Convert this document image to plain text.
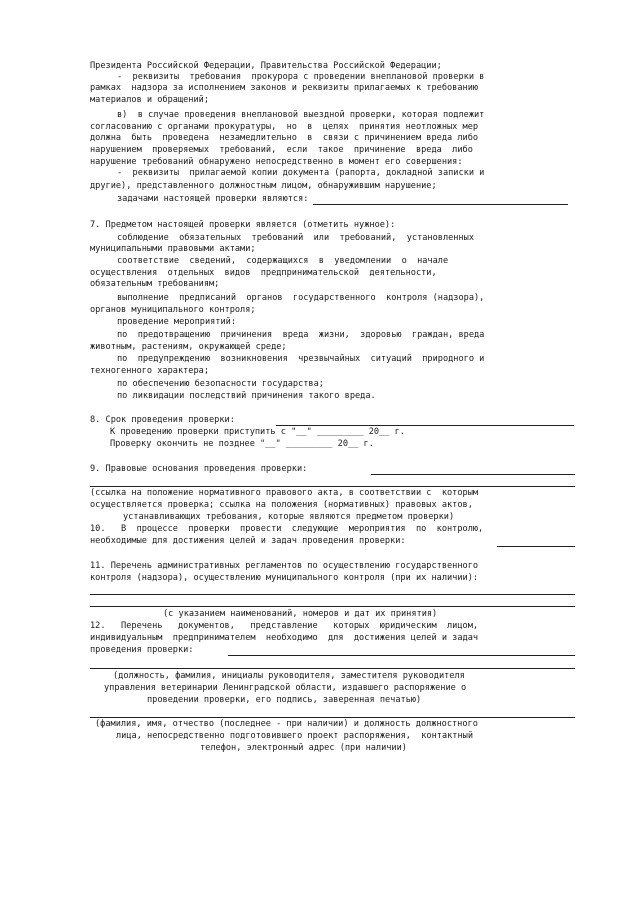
Президента Российской Федерации, Правительства Российской Федерации;
-  реквизиты  требования  прокурора с проведении внеплановой проверки в
рамках  надзора за исполнением законов и реквизиты прилагаемых к требованию
материалов и обращений;
в)  в случае проведения внеплановой выездной проверки, которая подлежит
согласованию с органами прокуратуры,  но  в  целях  принятия неотложных мер
должна  быть  проведена  незамедлительно  в  связи с причинением вреда либо
нарушением  проверяемых  требований,  если  такое  причинение  вреда  либо
нарушение требований обнаружено непосредственно в момент его совершения:
-  реквизиты  прилагаемой копии документа (рапорта, докладной записки и
другие), представленного должностным лицом, обнаружившим нарушение;
задачами настоящей проверки являются:
7. Предметом настоящей проверки является (отметить нужное):
соблюдение  обязательных  требований  или  требований,  установленных
муниципальными правовыми актами;
соответствие  сведений,  содержащихся  в  уведомлении  о  начале
осуществления  отдельных  видов  предпринимательской  деятельности,
обязательным требованиям;
выполнение  предписаний  органов  государственного  контроля (надзора),
органов муниципального контроля;
проведение мероприятий:
по  предотвращению  причинения  вреда  жизни,  здоровью  граждан, вреда
животным, растениям, окружающей среде;
по  предупреждению  возникновения  чрезвычайных  ситуаций  природного и
техногенного характера;
по обеспечению безопасности государства;
по ликвидации последствий причинения такого вреда.
8. Срок проведения проверки:
К проведению проверки приступить с "__" _________ 20__ г.
Проверку окончить не позднее "__" _________ 20__ г.
9. Правовые основания проведения проверки:
(ссылка на положение нормативного правового акта, в соответствии с  которым
осуществляется проверка; ссылка на положения (нормативных) правовых актов,
устанавливающих требования, которые являются предметом проверки)
10.   В  процессе  проверки  провести  следующие  мероприятия  по  контролю,
необходимые для достижения целей и задач проведения проверки:
11. Перечень административных регламентов по осуществлению государственного
контроля (надзора), осуществлению муниципального контроля (при их наличии):
(с указанием наименований, номеров и дат их принятия)
12.   Перечень   документов,   представление   которых  юридическим  лицом,
индивидуальным  предпринимателем  необходимо  для  достижения целей и задач
проведения проверки:
(должность, фамилия, инициалы руководителя, заместителя руководителя
управления ветеринарии Ленинградской области, издавшего распоряжение о
проведении проверки, его подпись, заверенная печатью)
(фамилия, имя, отчество (последнее - при наличии) и должность должностного
лица, непосредственно подготовившего проект распоряжения,  контактный
телефон, электронный адрес (при наличии)
